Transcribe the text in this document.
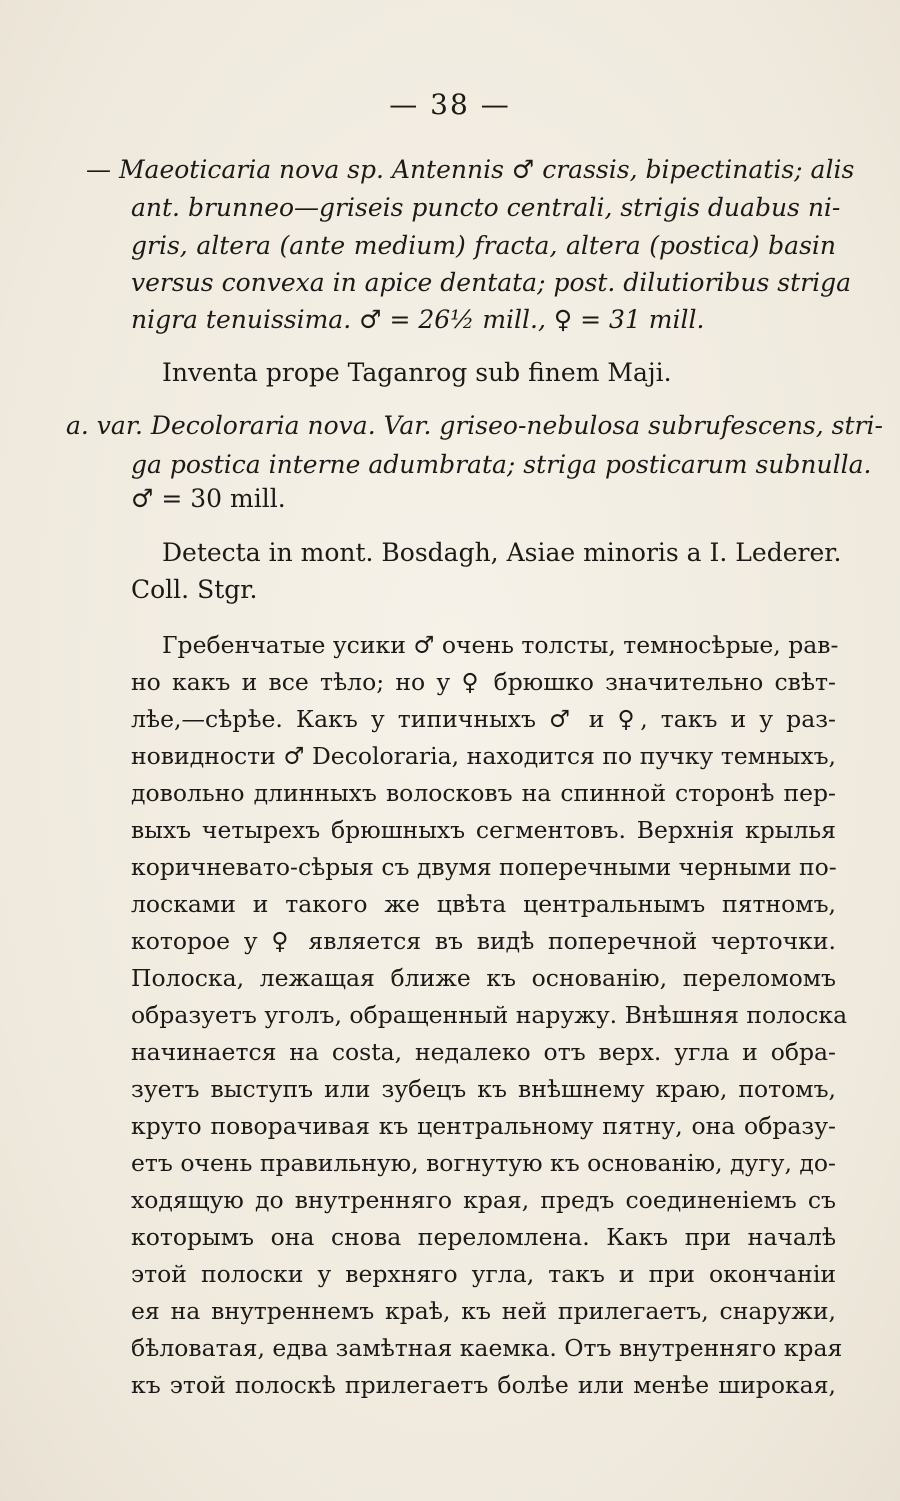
— 38 —
— Maeoticaria nova sp. Antennis ♂ crassis, bipectinatis; alis
ant. brunneo—griseis puncto centrali, strigis duabus ni-
gris, altera (ante medium) fracta, altera (postica) basin
versus convexa in apice dentata; post. dilutioribus striga
nigra tenuissima. ♂ = 26½ mill., ♀ = 31 mill.
Inventa prope Taganrog sub finem Maji.
a. var. Decoloraria nova. Var. griseo-nebulosa subrufescens, stri-
ga postica interne adumbrata; striga posticarum subnulla.
♂ = 30 mill.
Detecta in mont. Bosdagh, Asiae minoris a I. Lederer.
Coll. Stgr.
Гребенчатые усики ♂ очень толсты, темносѣрые, рав-
но какъ и все тѣло; но у ♀ брюшко значительно свѣт-
лѣе,—сѣрѣе. Какъ у типичныхъ ♂ и ♀, такъ и у раз-
новидности ♂ Decoloraria, находится по пучку темныхъ,
довольно длинныхъ волосковъ на спинной сторонѣ пер-
выхъ четырехъ брюшныхъ сегментовъ. Верхнія крылья
коричневато-сѣрыя съ двумя поперечными черными по-
лосками и такого же цвѣта центральнымъ пятномъ,
которое у ♀ является въ видѣ поперечной черточки.
Полоска, лежащая ближе къ основанію, переломомъ
образуетъ уголъ, обращенный наружу. Внѣшняя полоска
начинается на costa, недалеко отъ верх. угла и обра-
зуетъ выступъ или зубецъ къ внѣшнему краю, потомъ,
круто поворачивая къ центральному пятну, она образу-
етъ очень правильную, вогнутую къ основанію, дугу, до-
ходящую до внутренняго края, предъ соединеніемъ съ
которымъ она снова переломлена. Какъ при началѣ
этой полоски у верхняго угла, такъ и при окончаніи
ея на внутреннемъ краѣ, къ ней прилегаетъ, снаружи,
бѣловатая, едва замѣтная каемка. Отъ внутренняго края
къ этой полоскѣ прилегаетъ болѣе или менѣе широкая,
